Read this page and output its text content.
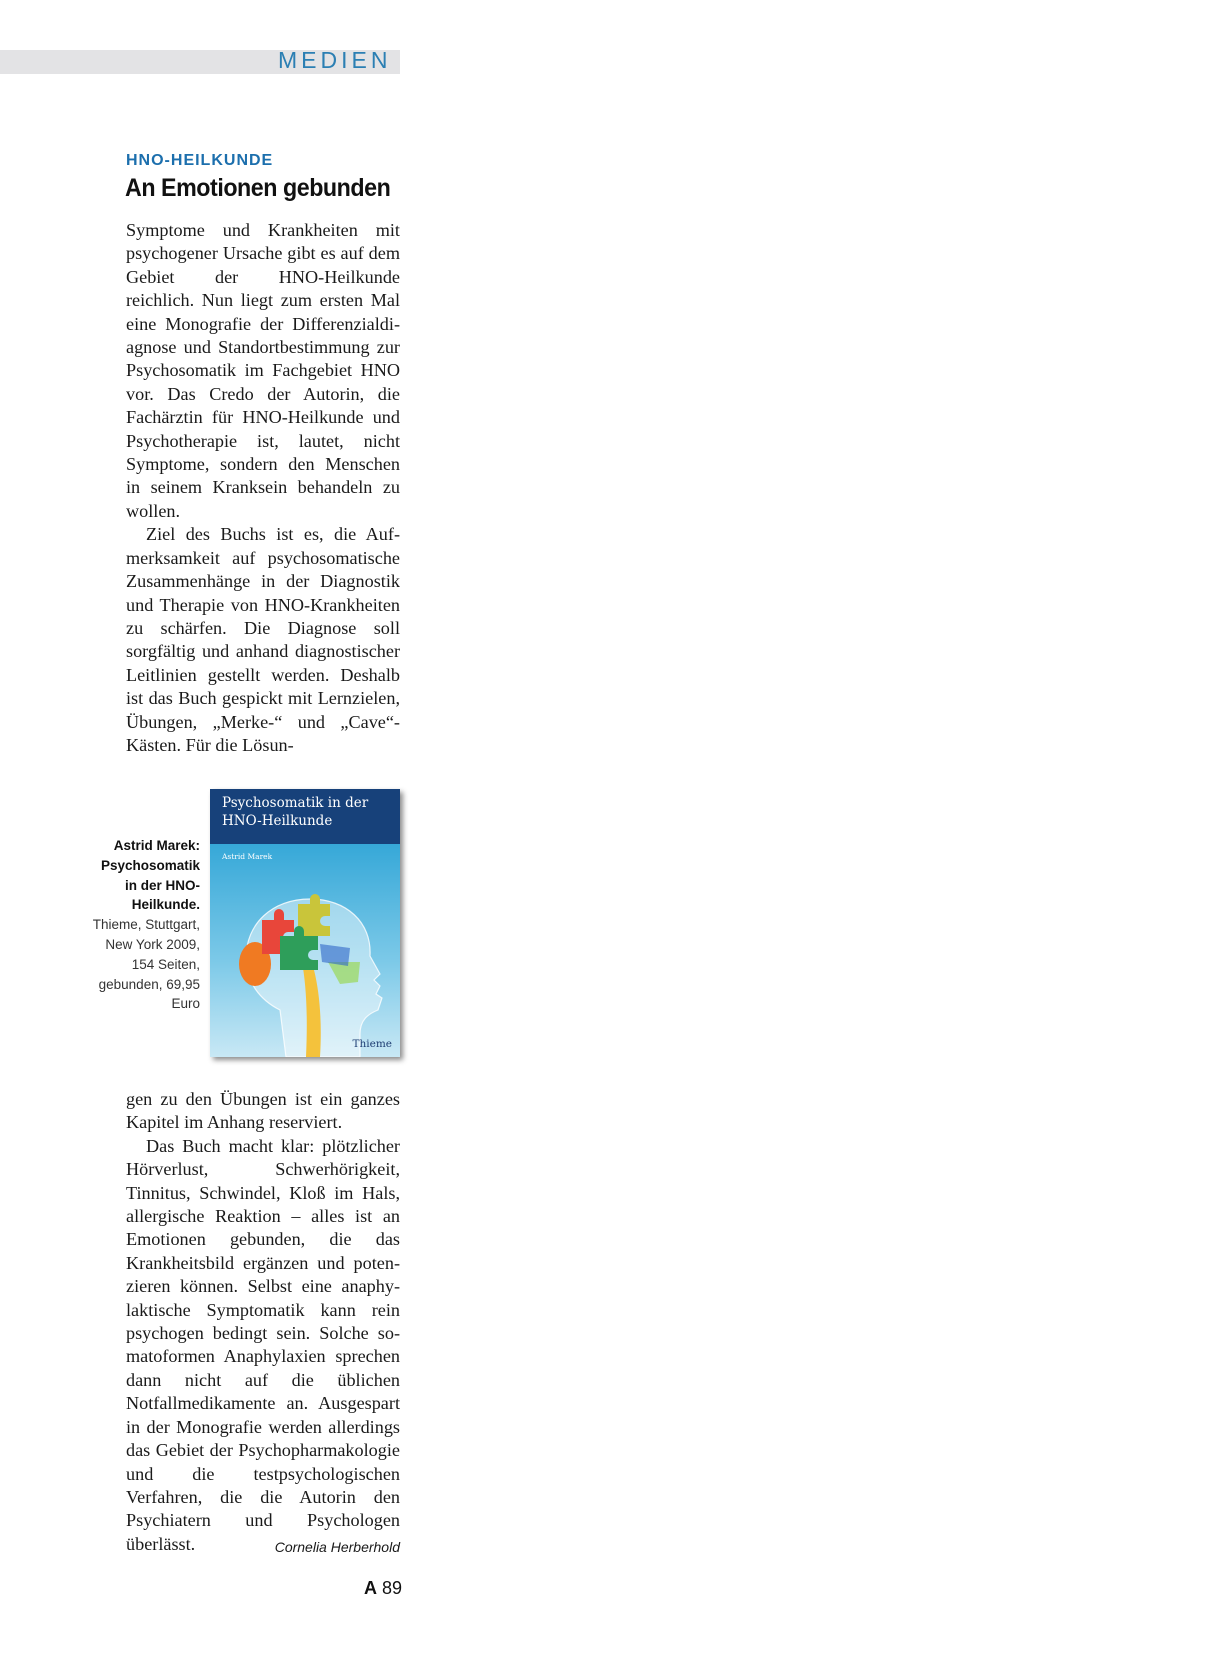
MEDIEN
HNO-HEILKUNDE
An Emotionen gebunden

Symptome und Krankheiten mit psychogener Ursache gibt es auf dem Gebiet der HNO-Heilkunde reichlich. Nun liegt zum ersten Mal eine Monografie der Differenzialdiagnose und Standortbestimmung zur Psychosomatik im Fachgebiet HNO vor. Das Credo der Autorin, die Fachärztin für HNO-Heilkunde und Psychotherapie ist, lautet, nicht Symptome, sondern den Menschen in seinem Kranksein behandeln zu wollen.

Ziel des Buchs ist es, die Aufmerksamkeit auf psychosomatische Zusammenhänge in der Diagnostik und Therapie von HNO-Krankheiten zu schärfen. Die Diagnose soll sorgfältig und anhand diagnostischer Leitlinien gestellt werden. Deshalb ist das Buch gespickt mit Lernzielen, Übungen, „Merke-“ und „Cave“-Kästen. Für die Lösun-

Astrid Marek: Psychosomatik in der HNO-Heilkunde.
Thieme, Stuttgart, New York 2009, 154 Seiten, gebunden, 69,95 Euro
Psychosomatik in der HNO-Heilkunde
Astrid Marek
Thieme

gen zu den Übungen ist ein ganzes Kapitel im Anhang reserviert.

Das Buch macht klar: plötzlicher Hörverlust, Schwerhörigkeit, Tinnitus, Schwindel, Kloß im Hals, allergische Reaktion – alles ist an Emotionen gebunden, die das Krankheitsbild ergänzen und potenzieren können. Selbst eine anaphylaktische Symptomatik kann rein psychogen bedingt sein. Solche somatoformen Anaphylaxien sprechen dann nicht auf die üblichen Notfallmedikamente an. Ausgespart in der Monografie werden allerdings das Gebiet der Psychopharmakologie und die testpsychologischen Verfahren, die die Autorin den Psychiatern und Psychologen überlässt.	Cornelia Herberhold

A 89
